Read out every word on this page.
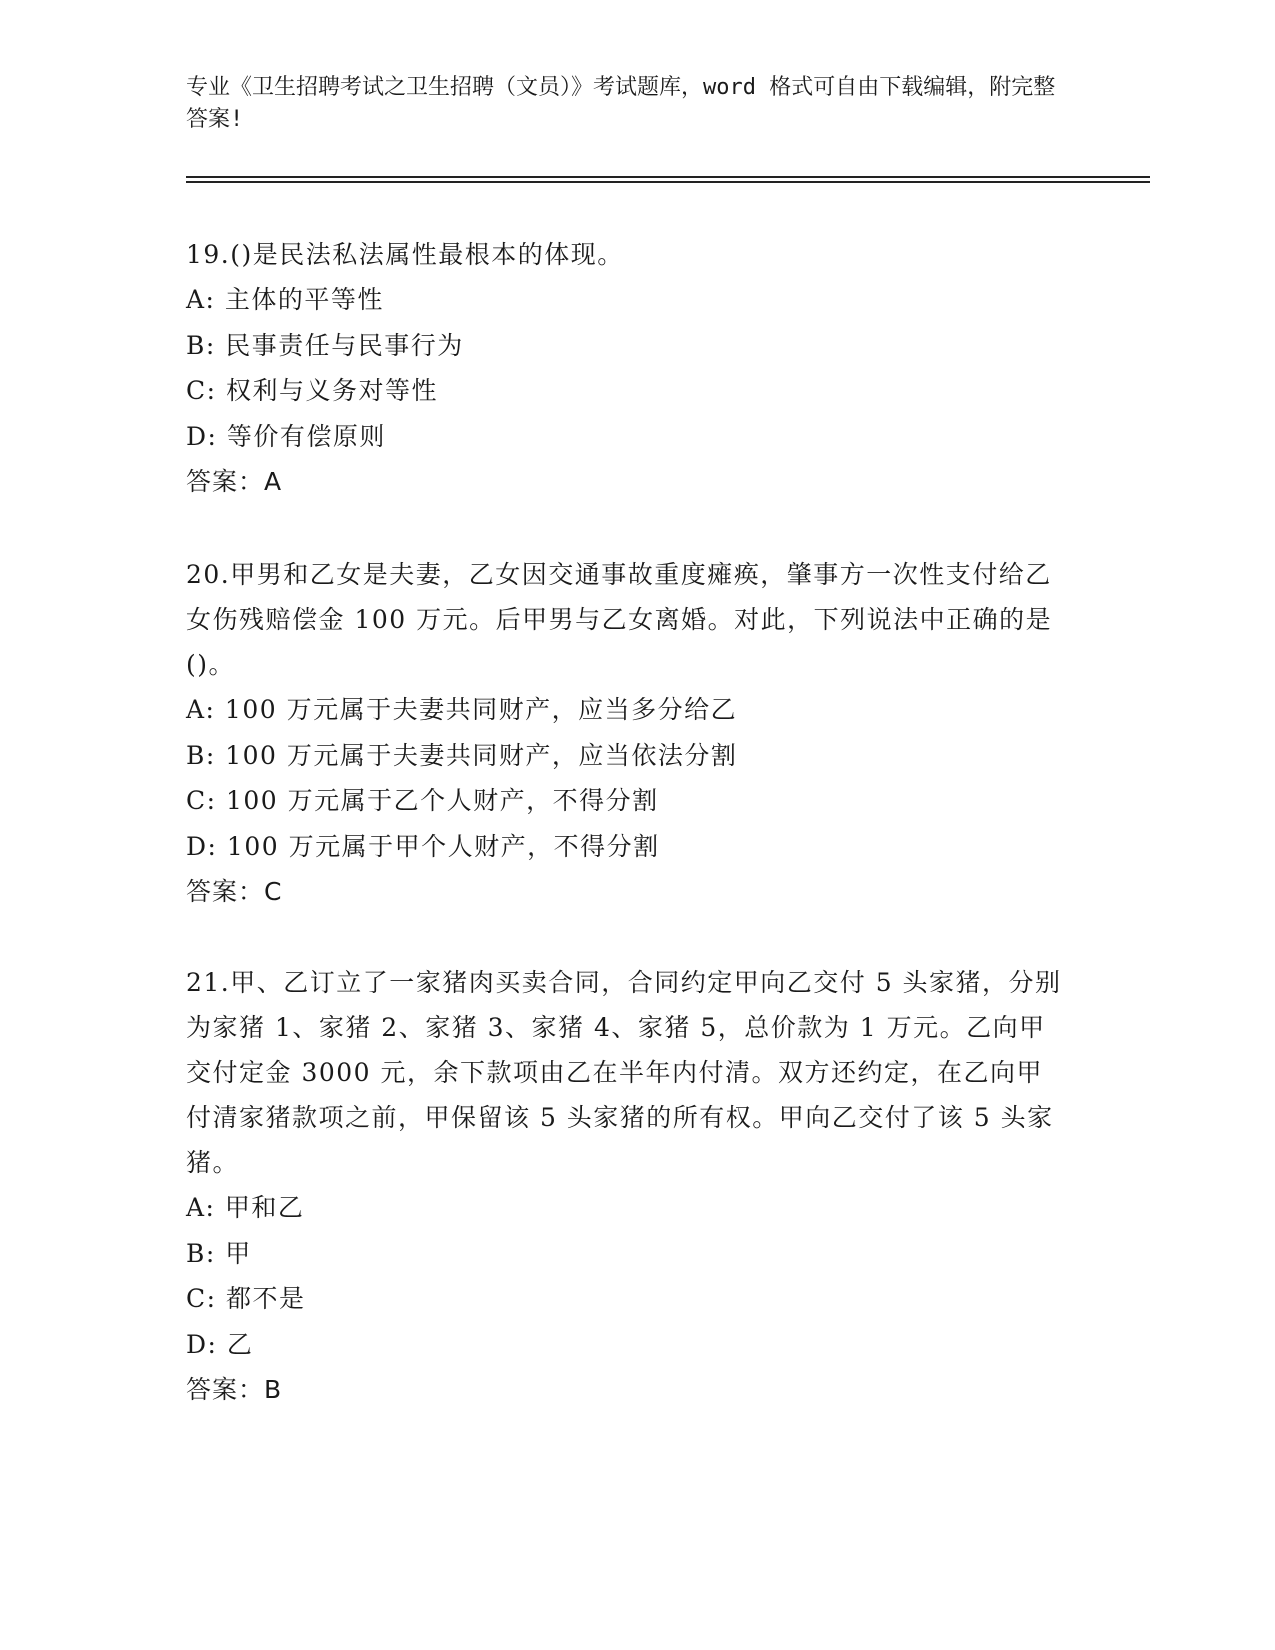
专业《卫生招聘考试之卫生招聘（文员）》考试题库，word 格式可自由下载编辑，附完整答案!

19.()是民法私法属性最根本的体现。

A: 主体的平等性

B: 民事责任与民事行为

C: 权利与义务对等性

D: 等价有偿原则

答案：A

20.甲男和乙女是夫妻，乙女因交通事故重度瘫痪，肇事方一次性支付给乙女伤残赔偿金 100 万元。后甲男与乙女离婚。对此，下列说法中正确的是()。

A: 100 万元属于夫妻共同财产，应当多分给乙

B: 100 万元属于夫妻共同财产，应当依法分割

C: 100 万元属于乙个人财产，不得分割

D: 100 万元属于甲个人财产，不得分割

答案：C

21.甲、乙订立了一家猪肉买卖合同，合同约定甲向乙交付 5 头家猪，分别为家猪 1、家猪 2、家猪 3、家猪 4、家猪 5，总价款为 1 万元。乙向甲交付定金 3000 元，余下款项由乙在半年内付清。双方还约定，在乙向甲付清家猪款项之前，甲保留该 5 头家猪的所有权。甲向乙交付了该 5 头家猪。

A: 甲和乙

B: 甲

C: 都不是

D: 乙

答案：B
